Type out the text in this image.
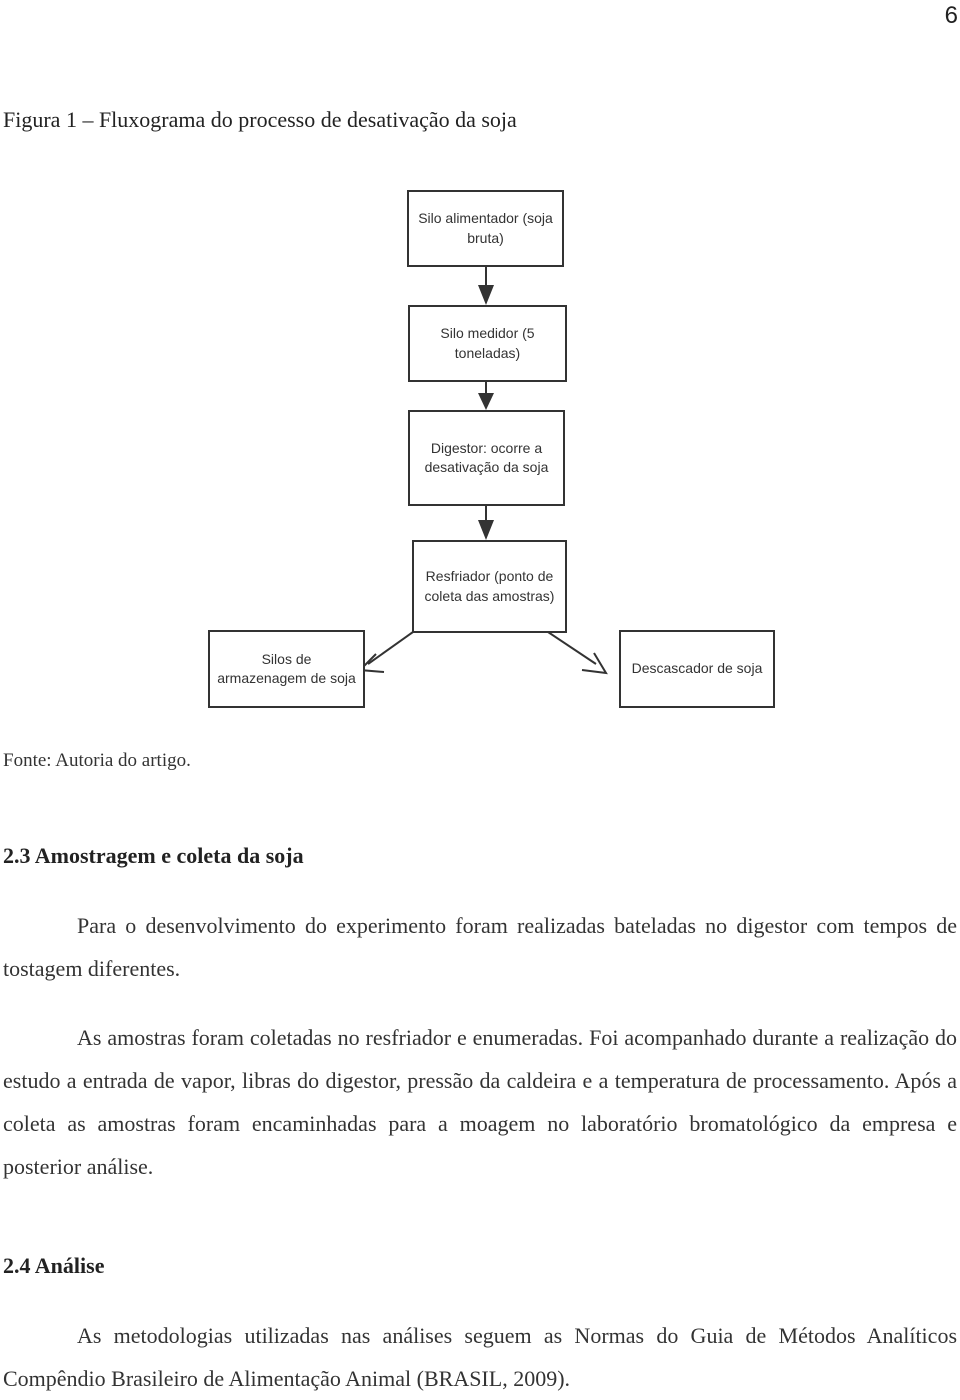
6
Figura 1 – Fluxograma do processo de desativação da soja
Silo alimentador (soja bruta)
Silo medidor (5 toneladas)
Digestor: ocorre a desativação da soja
Resfriador (ponto de coleta das amostras)
Silos de armazenagem de soja
Descascador de soja
Fonte: Autoria do artigo.
2.3 Amostragem e coleta da soja

Para o desenvolvimento do experimento foram realizadas bateladas no digestor com tempos de tostagem diferentes.

As amostras foram coletadas no resfriador e enumeradas. Foi acompanhado durante a realização do estudo a entrada de vapor, libras do digestor, pressão da caldeira e a temperatura de processamento. Após a coleta as amostras foram encaminhadas para a moagem no laboratório bromatológico da empresa e posterior análise.

2.4 Análise

As metodologias utilizadas nas análises seguem as Normas do Guia de Métodos Analíticos Compêndio Brasileiro de Alimentação Animal (BRASIL, 2009).
